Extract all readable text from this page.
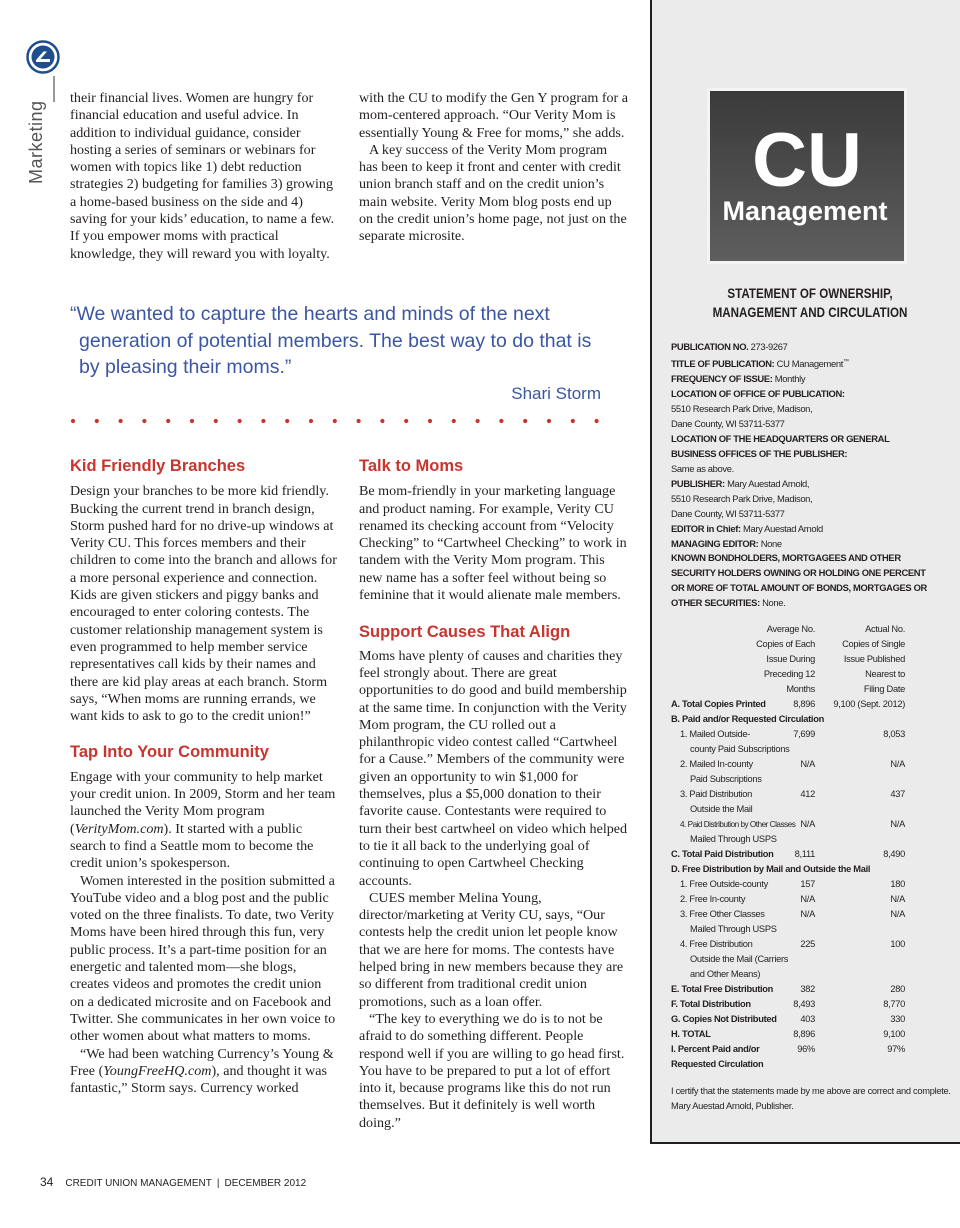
Marketing

their financial lives. Women are hungry for financial education and useful advice. In addition to individual guidance, consider hosting a series of seminars or webinars for women with topics like 1) debt reduction strategies 2) budgeting for families 3) growing a home-based business on the side and 4) saving for your kids’ education, to name a few. If you empower moms with practical knowledge, they will reward you with loyalty.

with the CU to modify the Gen Y program for a mom-centered approach. “Our Verity Mom is essentially Young & Free for moms,” she adds.

A key success of the Verity Mom program has been to keep it front and center with credit union branch staff and on the credit union’s main website. Verity Mom blog posts end up on the credit union’s home page, not just on the separate microsite.

“We wanted to capture the hearts and minds of the next generation of potential members. The best way to do that is by pleasing their moms.”

Shari Storm
Kid Friendly Branches

Design your branches to be more kid friendly. Bucking the current trend in branch design, Storm pushed hard for no drive-up windows at Verity CU. This forces members and their children to come into the branch and allows for a more personal experience and connection. Kids are given stickers and piggy banks and encouraged to enter coloring contests. The customer relationship management system is even programmed to help member service representatives call kids by their names and there are kid play areas at each branch. Storm says, “When moms are running errands, we want kids to ask to go to the credit union!”

Tap Into Your Community

Engage with your community to help market your credit union. In 2009, Storm and her team launched the Verity Mom program (VerityMom.com). It started with a public search to find a Seattle mom to become the credit union’s spokesperson.

Women interested in the position submitted a YouTube video and a blog post and the public voted on the three finalists. To date, two Verity Moms have been hired through this fun, very public process. It’s a part-time position for an energetic and talented mom—she blogs, creates videos and promotes the credit union on a dedicated microsite and on Facebook and Twitter. She communicates in her own voice to other women about what matters to moms.

“We had been watching Currency’s Young & Free (YoungFreeHQ.com), and thought it was fantastic,” Storm says. Currency worked

Talk to Moms

Be mom-friendly in your marketing language and product naming. For example, Verity CU renamed its checking account from “Velocity Checking” to “Cartwheel Checking” to work in tandem with the Verity Mom program. This new name has a softer feel without being so feminine that it would alienate male members.

Support Causes That Align

Moms have plenty of causes and charities they feel strongly about. There are great opportunities to do good and build membership at the same time. In conjunction with the Verity Mom program, the CU rolled out a philanthropic video contest called “Cartwheel for a Cause.” Members of the community were given an opportunity to win $1,000 for themselves, plus a $5,000 donation to their favorite cause. Contestants were required to turn their best cartwheel on video which helped to tie it all back to the underlying goal of continuing to open Cartwheel Checking accounts.

CUES member Melina Young, director/marketing at Verity CU, says, “Our contests help the credit union let people know that we are here for moms. The contests have helped bring in new members because they are so different from traditional credit union promotions, such as a loan offer.

“The key to everything we do is to not be afraid to do something different. People respond well if you are willing to go head first. You have to be prepared to put a lot of effort into it, because programs like this do not run themselves. But it definitely is well worth doing.”

34 CREDIT UNION MANAGEMENT | DECEMBER 2012
CU
Management
STATEMENT OF OWNERSHIP,
MANAGEMENT AND CIRCULATION
PUBLICATION NO. 273-9267
TITLE OF PUBLICATION: CU Management™
FREQUENCY OF ISSUE: Monthly
LOCATION OF OFFICE OF PUBLICATION:
5510 Research Park Drive, Madison,
Dane County, WI 53711-5377
LOCATION OF THE HEADQUARTERS OR GENERAL
BUSINESS OFFICES OF THE PUBLISHER:
Same as above.
PUBLISHER: Mary Auestad Arnold,
5510 Research Park Drive, Madison,
Dane County, WI 53711-5377
EDITOR in Chief: Mary Auestad Arnold
MANAGING EDITOR: None
KNOWN BONDHOLDERS, MORTGAGEES AND OTHER
SECURITY HOLDERS OWNING OR HOLDING ONE PERCENT
OR MORE OF TOTAL AMOUNT OF BONDS, MORTGAGES OR
OTHER SECURITIES: None.
Average No.
Copies of Each
Issue During
Preceding 12
Months
Actual No.
Copies of Single
Issue Published
Nearest to
Filing Date
A. Total Copies Printed	8,896 9,100 (Sept. 2012)
B. Paid and/or Requested Circulation
1. Mailed Outside-	7,699	8,053
county Paid Subscriptions
2. Mailed In-county	N/A	N/A
Paid Subscriptions
3. Paid Distribution	412	437
Outside the Mail
4. Paid Distribution by Other Classes N/A	N/A
Mailed Through USPS
C. Total Paid Distribution 8,111	8,490
D. Free Distribution by Mail and Outside the Mail
1. Free Outside-county	157	180
2. Free In-county	N/A	N/A
3. Free Other Classes	N/A	N/A
Mailed Through USPS
4. Free Distribution	225	100
Outside the Mail (Carriers
and Other Means)
E. Total Free Distribution	382	280
F. Total Distribution	8,493	8,770
G. Copies Not Distributed	403	330
H. TOTAL	8,896	9,100
I. Percent Paid and/or	96%	97%
Requested Circulation
I certify that the statements made by me above are correct and complete.
Mary Auestad Arnold, Publisher.
